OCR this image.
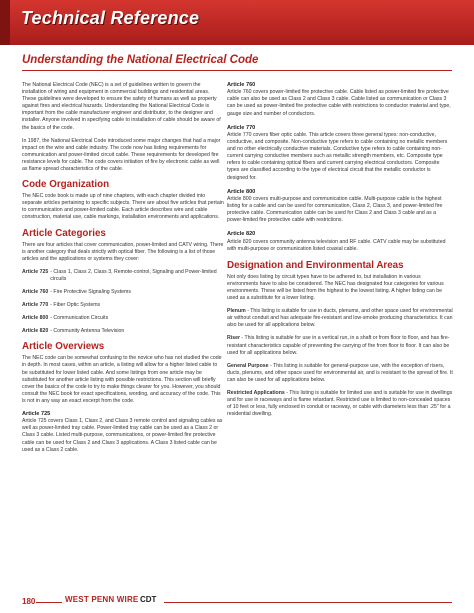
Technical Reference
Understanding the National Electrical Code

The National Electrical Code (NEC) is a set of guidelines written to govern the installation of wiring and equipment in commercial buildings and residential areas. These guidelines were developed to ensure the safety of humans as well as property against fires and electrical hazards. Understanding the National Electrical Code is important from the cable manufacturer engineer and distributor, to the designer and installer. Anyone involved in specifying cable to installation of cable should be aware of the basics of the code.

In 1987, the National Electrical Code introduced some major changes that had a major impact on the wire and cable industry. The code now has listing requirements for communication and power-limited circuit cable. These requirements for developed fire resistance levels for cable. The code covers initiation of fire by electronic cable as well as flame spread characteristics of the cable.

Code Organization

The NEC code book is made up of nine chapters, with each chapter divided into separate articles pertaining to specific subjects. There are about five articles that pertain to communication and power-limited cable. Each article describes wire and cable construction, material use, cable markings, installation environments and applications.

Article Categories

There are four articles that cover communication, power-limited and CATV wiring. There is another category that deals strictly with optical fiber. The following is a list of those articles and the applications or systems they cover:

Article 725 - Class 1, Class 2, Class 3, Remote-control, Signaling and Power-limited circuits
Article 760 - Fire Protective Signaling Systems
Article 770 - Fiber Optic Systems
Article 800 - Communication Circuits
Article 820 - Community Antenna Television
Article Overviews

The NEC code can be somewhat confusing to the novice who has not studied the code in depth. In most cases, within an article, a listing will allow for a higher listed cable to be substituted for lower listed cable. And some listings from one article may be substituted for another article listing with possible restrictions. This section will briefly cover the basics of the code to try to make things clearer for you. However, you should consult the NEC book for exact specifications, wording, and accuracy of the code. This is not in any way an exact excerpt from the code.

Article 725
Article 725 covers Class 1, Class 2, and Class 3 remote control and signaling cables as well as power-limited tray cable. Power-limited tray cable can be used as a Class 2 or Class 3 cable. Listed multi-purpose, communications, or power-limited fire protective cable can be used for Class 2 and Class 3 applications. A Class 3 listed cable can be used as a Class 2 cable.
Article 760
Article 760 covers power-limited fire protective cable. Cable listed as power-limited fire protective cable can also be used as Class 2 and Class 3 cable. Cable listed as communication or Class 3 can be used as power-limited fire protective cable with restrictions to conductor material and type, gauge size and number of conductors.
Article 770
Article 770 covers fiber optic cable. This article covers three general types: non-conductive, conductive, and composite. Non-conductive type refers to cable containing no metallic members and no other electrically conductive materials. Conductive type refers to cable containing non-current carrying conductive members such as metallic strength members, etc. Composite type refers to cable containing optical fibers and current carrying electrical conductors. Composite types are classified according to the type of electrical circuit that the metallic conductor is designed for.
Article 800
Article 800 covers multi-purpose and communication cable. Multi-purpose cable is the highest listing for a cable and can be used for communication, Class 2, Class 3, and power-limited fire protective cable. Communication cable can be used for Class 2 and Class 3 cable and as a power-limited fire protective cable with restrictions.
Article 820
Article 820 covers community antenna television and RF cable. CATV cable may be substituted with multi-purpose or communication listed coaxial cable.
Designation and Environmental Areas

Not only does listing by circuit types have to be adhered to, but installation in various environments have to also be considered. The NEC has designated four categories for various environments. These will be listed from the highest to the lowest listing. A higher listing can be used as a substitute for a lower listing.

Plenum - This listing is suitable for use in ducts, plenums, and other space used for environmental air without conduit and has adequate fire-resistant and low-smoke producing characteristics. It can also be used for all applications below.

Riser - This listing is suitable for use in a vertical run, in a shaft or from floor to floor, and has fire-resistant characteristics capable of preventing the carrying of fire from floor to floor. It can also be used for all applications below.

General Purpose - This listing is suitable for general-purpose use, with the exception of risers, ducts, plenums, and other space used for environmental air, and is resistant to the spread of fire. It can also be used for all applications below.

Restricted Applications - This listing is suitable for limited use and is suitable for use in dwellings and for use in raceways and is flame retardant. Restricted use is limited to non-concealed spaces of 10 feet or less, fully enclosed in conduit or raceway, or cable with diameters less than .25" for a residential dwelling.

180	WEST PENN WIRE CDT
